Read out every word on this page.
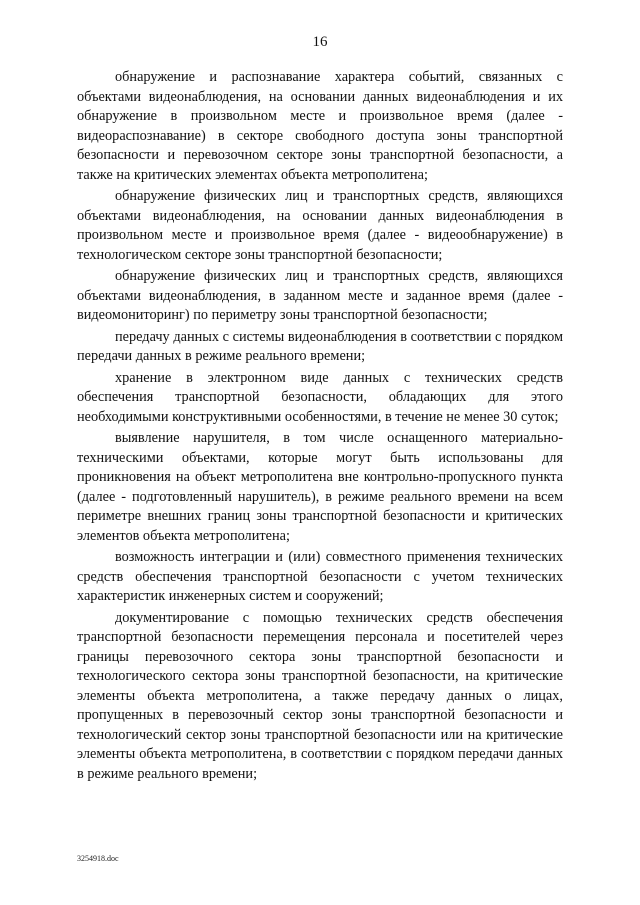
16

обнаружение и распознавание характера событий, связанных с объектами видеонаблюдения, на основании данных видеонаблюдения и их обнаружение в произвольном месте и произвольное время (далее - видеораспознавание) в секторе свободного доступа зоны транспортной безопасности и перевозочном секторе зоны транспортной безопасности, а также на критических элементах объекта метрополитена;

обнаружение физических лиц и транспортных средств, являющихся объектами видеонаблюдения, на основании данных видеонаблюдения в произвольном месте и произвольное время (далее - видеообнаружение) в технологическом секторе зоны транспортной безопасности;

обнаружение физических лиц и транспортных средств, являющихся объектами видеонаблюдения, в заданном месте и заданное время (далее - видеомониторинг) по периметру зоны транспортной безопасности;

передачу данных с системы видеонаблюдения в соответствии с порядком передачи данных в режиме реального времени;

хранение в электронном виде данных с технических средств обеспечения транспортной безопасности, обладающих для этого необходимыми конструктивными особенностями, в течение не менее 30 суток;

выявление нарушителя, в том числе оснащенного материально-техническими объектами, которые могут быть использованы для проникновения на объект метрополитена вне контрольно-пропускного пункта (далее - подготовленный нарушитель), в режиме реального времени на всем периметре внешних границ зоны транспортной безопасности и критических элементов объекта метрополитена;

возможность интеграции и (или) совместного применения технических средств обеспечения транспортной безопасности с учетом технических характеристик инженерных систем и сооружений;

документирование с помощью технических средств обеспечения транспортной безопасности перемещения персонала и посетителей через границы перевозочного сектора зоны транспортной безопасности и технологического сектора зоны транспортной безопасности, на критические элементы объекта метрополитена, а также передачу данных о лицах, пропущенных в перевозочный сектор зоны транспортной безопасности и технологический сектор зоны транспортной безопасности или на критические элементы объекта метрополитена, в соответствии с порядком передачи данных в режиме реального времени;

3254918.doc
